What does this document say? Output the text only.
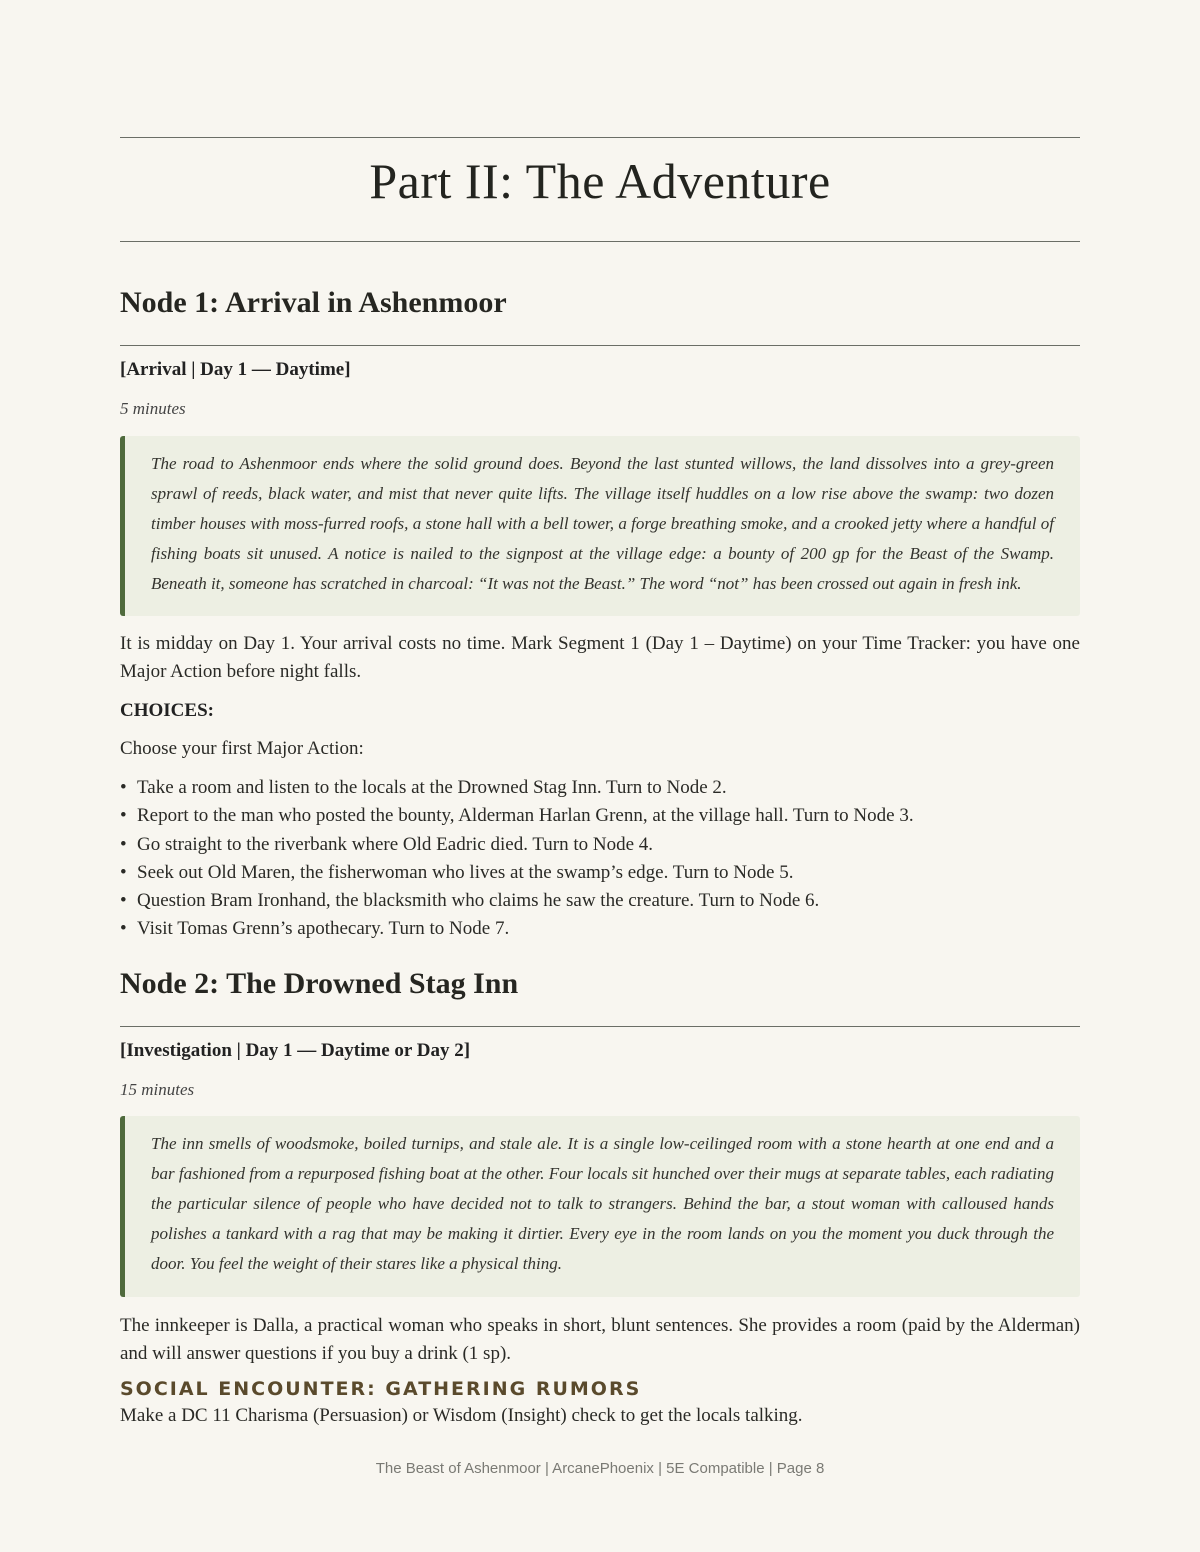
Part II: The Adventure
Node 1: Arrival in Ashenmoor

[Arrival | Day 1 — Daytime]

5 minutes

The road to Ashenmoor ends where the solid ground does. Beyond the last stunted willows, the land dissolves into a grey-green sprawl of reeds, black water, and mist that never quite lifts. The village itself huddles on a low rise above the swamp: two dozen timber houses with moss-furred roofs, a stone hall with a bell tower, a forge breathing smoke, and a crooked jetty where a handful of fishing boats sit unused. A notice is nailed to the signpost at the village edge: a bounty of 200 gp for the Beast of the Swamp. Beneath it, someone has scratched in charcoal: “It was not the Beast.” The word “not” has been crossed out again in fresh ink.

It is midday on Day 1. Your arrival costs no time. Mark Segment 1 (Day 1 – Daytime) on your Time Tracker: you have one Major Action before night falls.

CHOICES:

Choose your first Major Action:

• Take a room and listen to the locals at the Drowned Stag Inn. Turn to Node 2.
• Report to the man who posted the bounty, Alderman Harlan Grenn, at the village hall. Turn to Node 3.
• Go straight to the riverbank where Old Eadric died. Turn to Node 4.
• Seek out Old Maren, the fisherwoman who lives at the swamp’s edge. Turn to Node 5.
• Question Bram Ironhand, the blacksmith who claims he saw the creature. Turn to Node 6.
• Visit Tomas Grenn’s apothecary. Turn to Node 7.
Node 2: The Drowned Stag Inn

[Investigation | Day 1 — Daytime or Day 2]

15 minutes

The inn smells of woodsmoke, boiled turnips, and stale ale. It is a single low-ceilinged room with a stone hearth at one end and a bar fashioned from a repurposed fishing boat at the other. Four locals sit hunched over their mugs at separate tables, each radiating the particular silence of people who have decided not to talk to strangers. Behind the bar, a stout woman with calloused hands polishes a tankard with a rag that may be making it dirtier. Every eye in the room lands on you the moment you duck through the door. You feel the weight of their stares like a physical thing.

The innkeeper is Dalla, a practical woman who speaks in short, blunt sentences. She provides a room (paid by the Alderman) and will answer questions if you buy a drink (1 sp).

SOCIAL ENCOUNTER: GATHERING RUMORS

Make a DC 11 Charisma (Persuasion) or Wisdom (Insight) check to get the locals talking.

The Beast of Ashenmoor | ArcanePhoenix | 5E Compatible | Page 8
